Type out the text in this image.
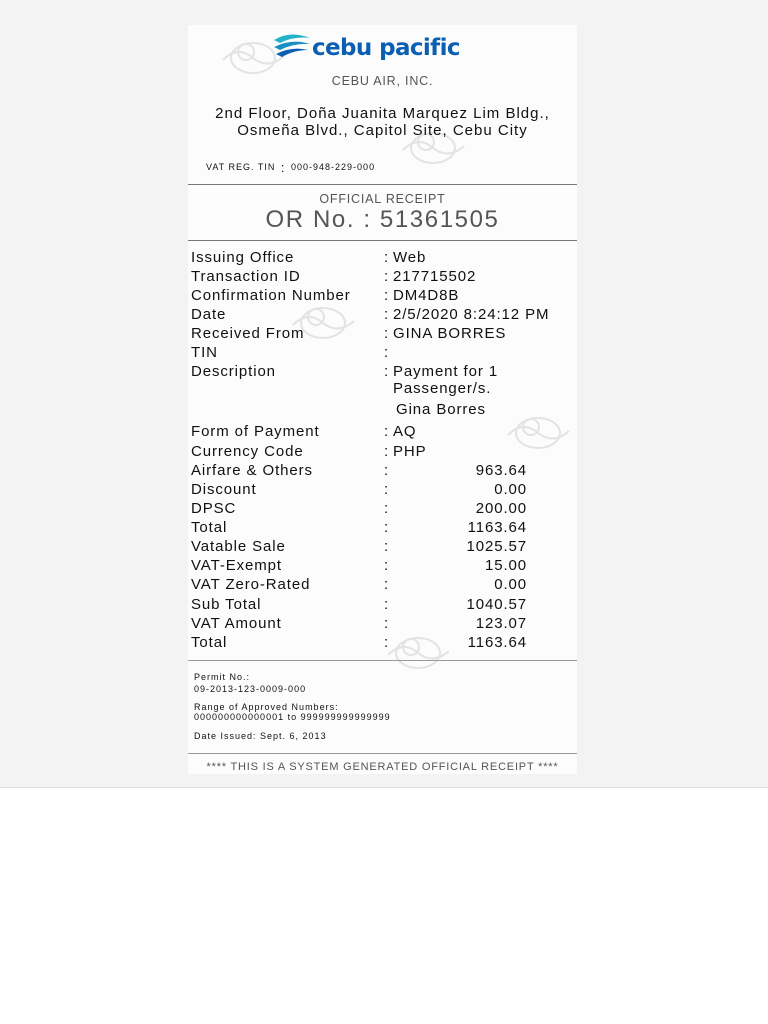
cebu pacific
CEBU AIR, INC.
2nd Floor, Doña Juanita Marquez Lim Bldg.,
Osmeña Blvd., Capitol Site, Cebu City
VAT REG. TIN : 000-948-229-000
OFFICIAL RECEIPT
OR No. : 51361505
Issuing Office	: Web
Transaction ID	: 217715502
Confirmation Number : DM4D8B
Date	: 2/5/2020 8:24:12 PM
Received From	: GINA BORRES
TIN	:
Description	: Payment for 1
Passenger/s.
Gina Borres
Form of Payment	: AQ
Currency Code	: PHP
Airfare & Others	:	963.64
Discount	:	0.00
DPSC	:	200.00
Total	:	1163.64
Vatable Sale	:	1025.57
VAT-Exempt	:	15.00
VAT Zero-Rated	:	0.00
Sub Total	:	1040.57
VAT Amount	:	123.07
Total	:	1163.64
Permit No.:
09-2013-123-0009-000
Range of Approved Numbers:
000000000000001 to 999999999999999
Date Issued: Sept. 6, 2013
**** THIS IS A SYSTEM GENERATED OFFICIAL RECEIPT ****
